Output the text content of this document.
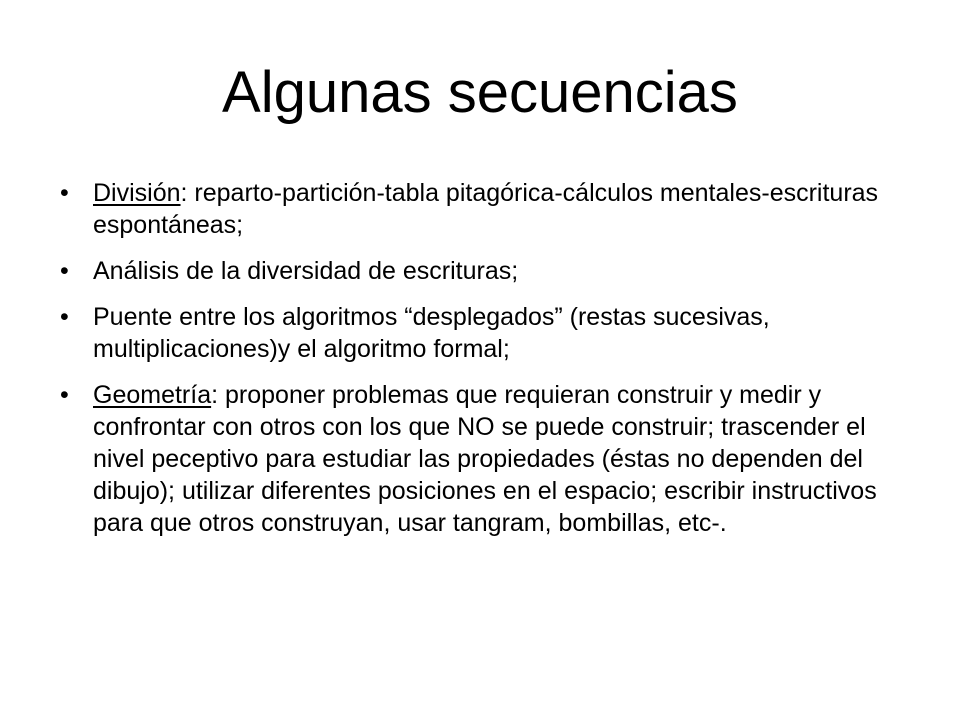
Algunas secuencias
• División: reparto-partición-tabla pitagórica-cálculos mentales-escrituras espontáneas;
• Análisis de la diversidad de escrituras;
• Puente entre los algoritmos “desplegados” (restas sucesivas, multiplicaciones)y el algoritmo formal;
• Geometría: proponer problemas que requieran construir y medir y confrontar con otros con los que NO se puede construir; trascender el nivel peceptivo para estudiar las propiedades (éstas no dependen del dibujo); utilizar diferentes posiciones en el espacio; escribir instructivos para que otros construyan, usar tangram, bombillas, etc-.
